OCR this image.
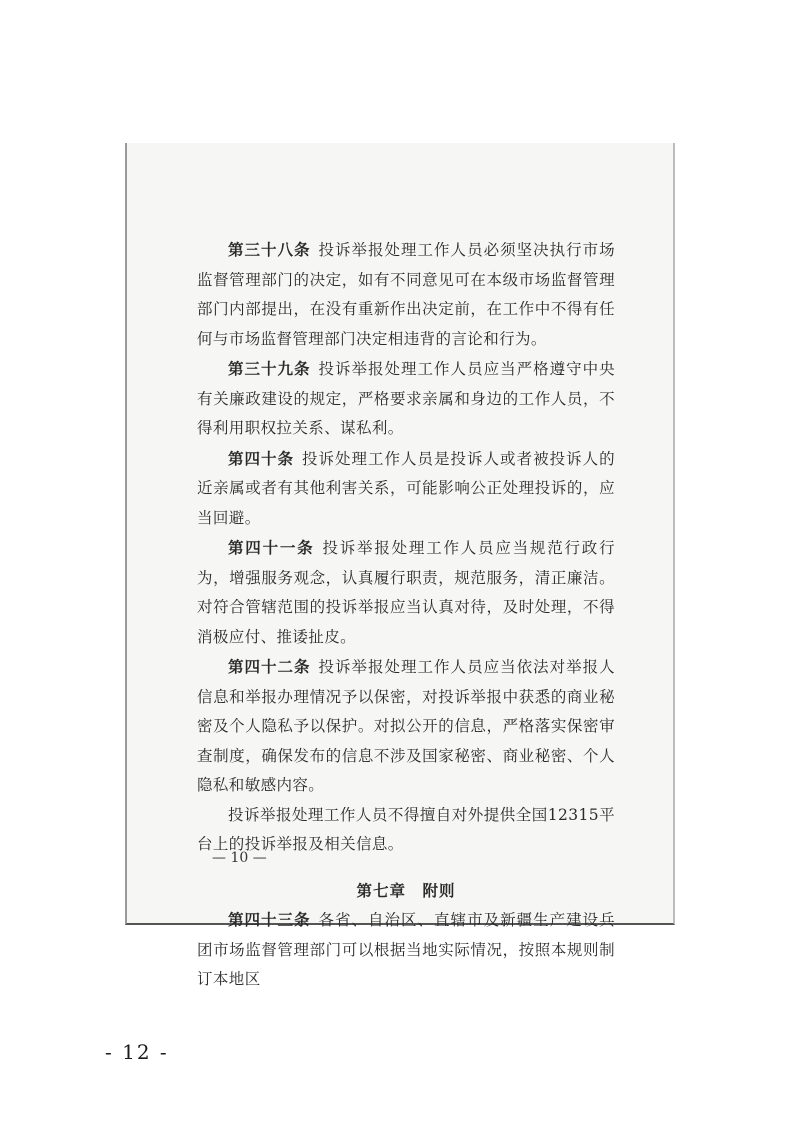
第三十八条 投诉举报处理工作人员必须坚决执行市场监督管理部门的决定，如有不同意见可在本级市场监督管理部门内部提出，在没有重新作出决定前，在工作中不得有任何与市场监督管理部门决定相违背的言论和行为。

第三十九条 投诉举报处理工作人员应当严格遵守中央有关廉政建设的规定，严格要求亲属和身边的工作人员，不得利用职权拉关系、谋私利。

第四十条 投诉处理工作人员是投诉人或者被投诉人的近亲属或者有其他利害关系，可能影响公正处理投诉的，应当回避。

第四十一条 投诉举报处理工作人员应当规范行政行为，增强服务观念，认真履行职责，规范服务，清正廉洁。对符合管辖范围的投诉举报应当认真对待，及时处理，不得消极应付、推诿扯皮。

第四十二条 投诉举报处理工作人员应当依法对举报人信息和举报办理情况予以保密，对投诉举报中获悉的商业秘密及个人隐私予以保护。对拟公开的信息，严格落实保密审查制度，确保发布的信息不涉及国家秘密、商业秘密、个人隐私和敏感内容。

投诉举报处理工作人员不得擅自对外提供全国12315平台上的投诉举报及相关信息。

第七章　附则

第四十三条 各省、自治区、直辖市及新疆生产建设兵团市场监督管理部门可以根据当地实际情况，按照本规则制订本地区

— 10 —
- 12 -
